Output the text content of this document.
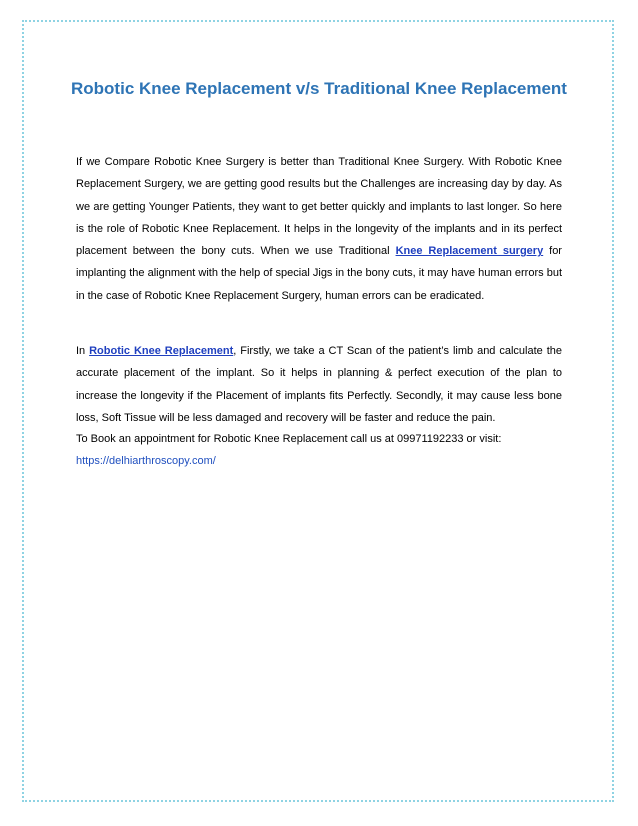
Robotic Knee Replacement v/s Traditional Knee Replacement
If we Compare Robotic Knee Surgery is better than Traditional Knee Surgery. With Robotic Knee Replacement Surgery, we are getting good results but the Challenges are increasing day by day. As we are getting Younger Patients, they want to get better quickly and implants to last longer. So here is the role of Robotic Knee Replacement. It helps in the longevity of the implants and in its perfect placement between the bony cuts. When we use Traditional Knee Replacement surgery for implanting the alignment with the help of special Jigs in the bony cuts, it may have human errors but in the case of Robotic Knee Replacement Surgery, human errors can be eradicated.
In Robotic Knee Replacement, Firstly, we take a CT Scan of the patient’s limb and calculate the accurate placement of the implant. So it helps in planning & perfect execution of the plan to increase the longevity if the Placement of implants fits Perfectly. Secondly, it may cause less bone loss, Soft Tissue will be less damaged and recovery will be faster and reduce the pain.
To Book an appointment for Robotic Knee Replacement call us at 09971192233 or visit: https://delhiarthroscopy.com/
